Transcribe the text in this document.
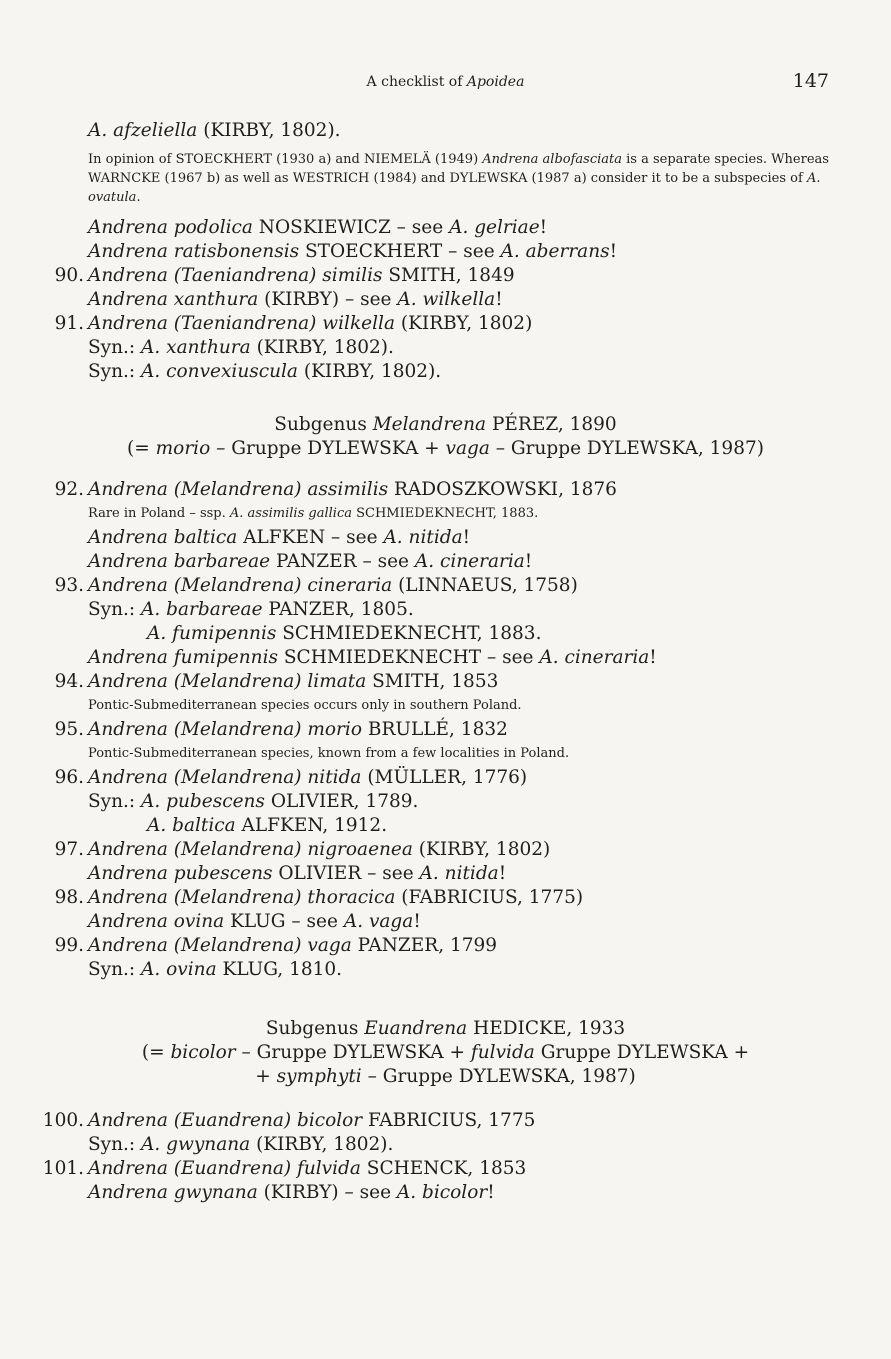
A checklist of Apoidea	147
A. afzeliella (KIRBY, 1802).
In opinion of STOECKHERT (1930 a) and NIEMELÄ (1949) Andrena albofasciata is a separate species. Whereas WARNCKE (1967 b) as well as WESTRICH (1984) and DYLEWSKA (1987 a) consider it to be a subspecies of A. ovatula.
Andrena podolica NOSKIEWICZ – see A. gelriae!
Andrena ratisbonensis STOECKHERT – see A. aberrans!
90. Andrena (Taeniandrena) similis SMITH, 1849
Andrena xanthura (KIRBY) – see A. wilkella!
91. Andrena (Taeniandrena) wilkella (KIRBY, 1802)
Syn.: A. xanthura (KIRBY, 1802).
Syn.: A. convexiuscula (KIRBY, 1802).
Subgenus Melandrena PÉREZ, 1890
(= morio – Gruppe DYLEWSKA + vaga – Gruppe DYLEWSKA, 1987)
92. Andrena (Melandrena) assimilis RADOSZKOWSKI, 1876
Rare in Poland – ssp. A. assimilis gallica SCHMIEDEKNECHT, 1883.
Andrena baltica ALFKEN – see A. nitida!
Andrena barbareae PANZER – see A. cineraria!
93. Andrena (Melandrena) cineraria (LINNAEUS, 1758)
Syn.: A. barbareae PANZER, 1805.
A. fumipennis SCHMIEDEKNECHT, 1883.
Andrena fumipennis SCHMIEDEKNECHT – see A. cineraria!
94. Andrena (Melandrena) limata SMITH, 1853
Pontic-Submediterranean species occurs only in southern Poland.
95. Andrena (Melandrena) morio BRULLÉ, 1832
Pontic-Submediterranean species, known from a few localities in Poland.
96. Andrena (Melandrena) nitida (MÜLLER, 1776)
Syn.: A. pubescens OLIVIER, 1789.
A. baltica ALFKEN, 1912.
97. Andrena (Melandrena) nigroaenea (KIRBY, 1802)
Andrena pubescens OLIVIER – see A. nitida!
98. Andrena (Melandrena) thoracica (FABRICIUS, 1775)
Andrena ovina KLUG – see A. vaga!
99. Andrena (Melandrena) vaga PANZER, 1799
Syn.: A. ovina KLUG, 1810.
Subgenus Euandrena HEDICKE, 1933
(= bicolor – Gruppe DYLEWSKA + fulvida Gruppe DYLEWSKA +
+ symphyti – Gruppe DYLEWSKA, 1987)
100. Andrena (Euandrena) bicolor FABRICIUS, 1775
Syn.: A. gwynana (KIRBY, 1802).
101. Andrena (Euandrena) fulvida SCHENCK, 1853
Andrena gwynana (KIRBY) – see A. bicolor!
